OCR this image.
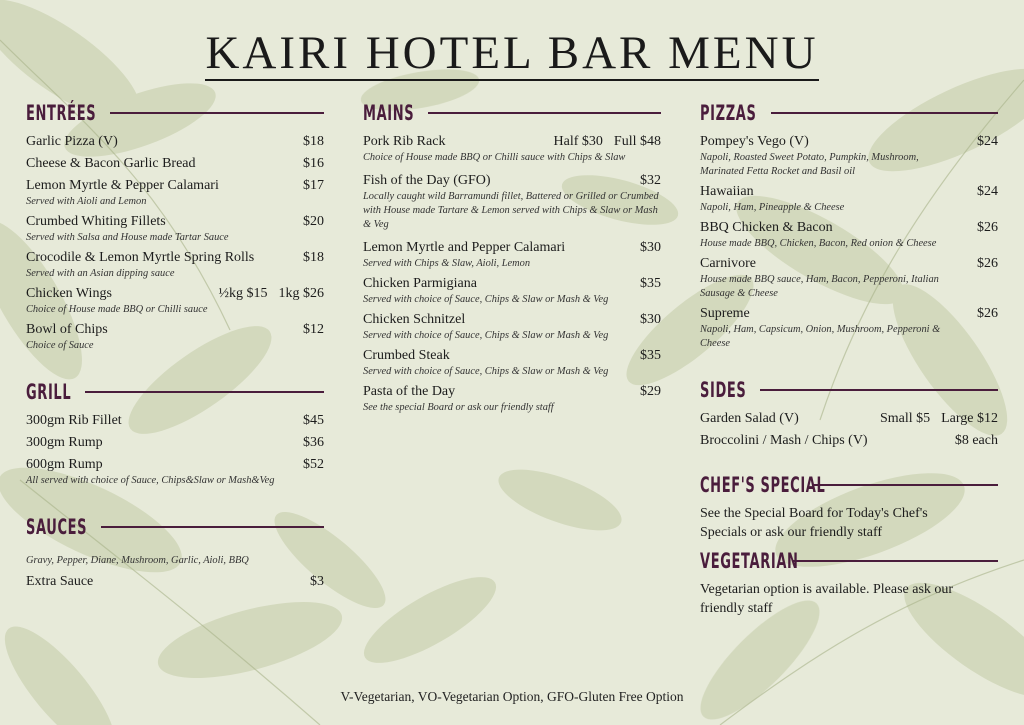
KAIRI HOTEL BAR MENU
ENTRÉES
Garlic Pizza (V)	$18
Cheese & Bacon Garlic Bread	$16
Lemon Myrtle & Pepper Calamari	$17
Served with Aioli and Lemon
Crumbed Whiting Fillets	$20
Served with Salsa and House made Tartar Sauce
Crocodile & Lemon Myrtle Spring Rolls	$18
Served with an Asian dipping sauce
Chicken Wings	½kg $15 1kg $26
Choice of House made BBQ or Chilli sauce
Bowl of Chips	$12
Choice of Sauce
GRILL
300gm Rib Fillet	$45
300gm Rump	$36
600gm Rump	$52
All served with choice of Sauce, Chips&Slaw or Mash&Veg
SAUCES
Gravy, Pepper, Diane, Mushroom, Garlic, Aioli, BBQ
Extra Sauce	$3
MAINS
Pork Rib Rack	Half $30 Full $48
Choice of House made BBQ or Chilli sauce with Chips & Slaw
Fish of the Day (GFO)	$32
Locally caught wild Barramundi fillet, Battered or Grilled or Crumbed with House made Tartare & Lemon served with Chips & Slaw or Mash & Veg
Lemon Myrtle and Pepper Calamari	$30
Served with Chips & Slaw, Aioli, Lemon
Chicken Parmigiana	$35
Served with choice of Sauce, Chips & Slaw or Mash & Veg
Chicken Schnitzel	$30
Served with choice of Sauce, Chips & Slaw or Mash & Veg
Crumbed Steak	$35
Served with choice of Sauce, Chips & Slaw or Mash & Veg
Pasta of the Day	$29
See the special Board or ask our friendly staff
PIZZAS
Pompey's Vego (V)	$24
Napoli, Roasted Sweet Potato, Pumpkin, Mushroom, Marinated Fetta Rocket and Basil oil
Hawaiian	$24
Napoli, Ham, Pineapple & Cheese
BBQ Chicken & Bacon	$26
House made BBQ, Chicken, Bacon, Red onion & Cheese
Carnivore	$26
House made BBQ sauce, Ham, Bacon, Pepperoni, Italian Sausage & Cheese
Supreme	$26
Napoli, Ham, Capsicum, Onion, Mushroom, Pepperoni & Cheese
SIDES
Garden Salad (V)	Small $5 Large $12
Broccolini / Mash / Chips (V)	$8 each
CHEF'S SPECIAL
See the Special Board for Today's Chef's Specials or ask our friendly staff
VEGETARIAN
Vegetarian option is available. Please ask our friendly staff
V-Vegetarian, VO-Vegetarian Option, GFO-Gluten Free Option
